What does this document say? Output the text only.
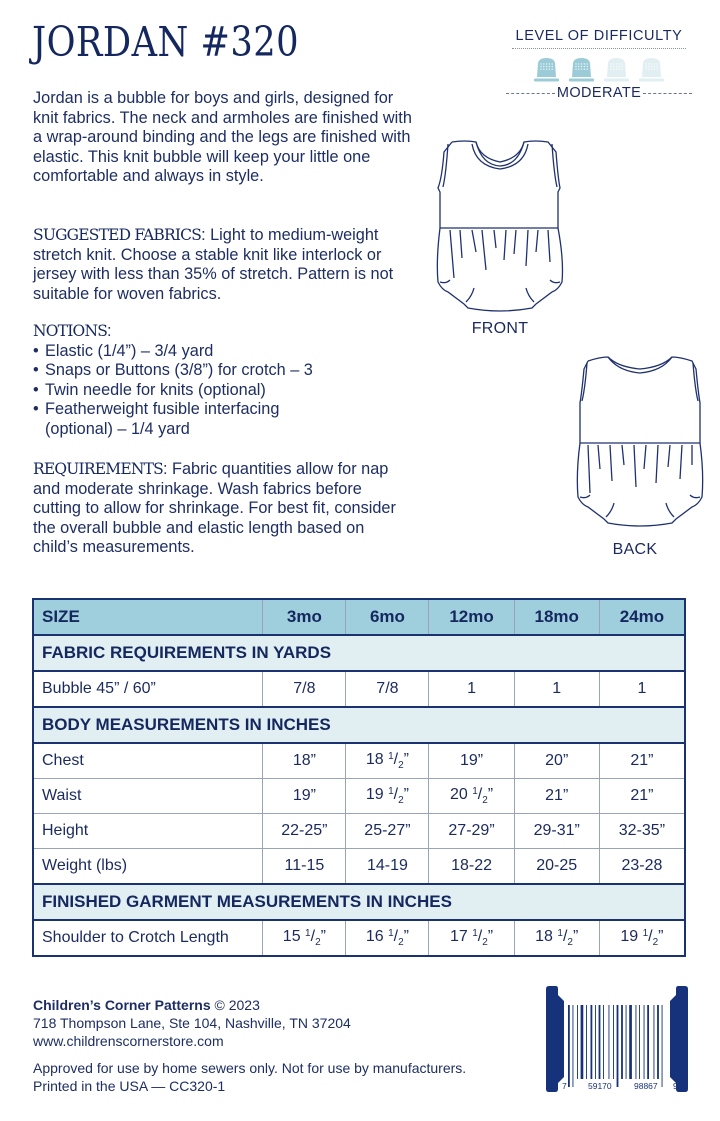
JORDAN #320	LEVEL OF DIFFICULTY
MODERATE

Jordan is a bubble for boys and girls, designed for knit fabrics. The neck and armholes are finished with a wrap-around binding and the legs are finished with elastic. This knit bubble will keep your little one comfortable and always in style.

SUGGESTED FABRICS: Light to medium-weight stretch knit. Choose a stable knit like interlock or jersey with less than 35% of stretch. Pattern is not suitable for woven fabrics.

NOTIONS:
• Elastic (1/4”) – 3/4 yard
• Snaps or Buttons (3/8”) for crotch – 3
• Twin needle for knits (optional)
• Featherweight fusible interfacing (optional) – 1/4 yard

REQUIREMENTS: Fabric quantities allow for nap and moderate shrinkage. Wash fabrics before cutting to allow for shrinkage. For best fit, consider the overall bubble and elastic length based on child’s measurements.

FRONT
BACK
SIZE	3mo	6mo	12mo	18mo	24mo
FABRIC REQUIREMENTS IN YARDS					
Bubble 45” / 60”	7/8	7/8	1	1	1
BODY MEASUREMENTS IN INCHES					
Chest	18”	18 $^1/_2$”	19”	20”	21”
Waist	19”	19 $^1/_2$”	20 $^1/_2$”	21”	21”
Height	22-25”	25-27”	27-29”	29-31”	32-35”
Weight (lbs)	11-15	14-19	18-22	20-25	23-28
FINISHED GARMENT MEASUREMENTS IN INCHES					
Shoulder to Crotch Length	15 $^1/_2$”	16 $^1/_2$”	17 $^1/_2$”	18 $^1/_2$”	19 $^1/_2$”
Children’s Corner Patterns © 2023
718 Thompson Lane, Ste 104, Nashville, TN 37204
www.childrenscornerstore.com
Approved for use by home sewers only. Not for use by manufacturers.
Printed in the USA — CC320-1	7	59170	98867 9
